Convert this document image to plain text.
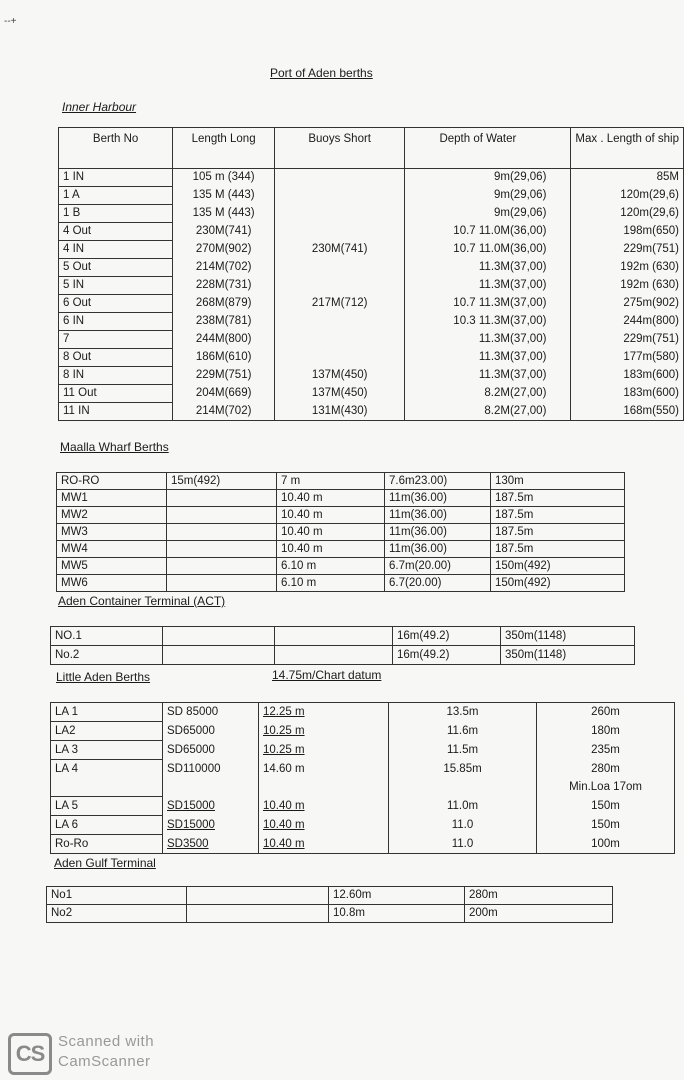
Port of Aden berths
Inner Harbour
Berth No	Length Long	Buoys Short	Depth of Water	Max . Length of ship
1 IN	105 m (344)		9m(29,06)	85M
1 A	135 M (443)		9m(29,06)	120m(29,6)
1 B	135 M (443)		9m(29,06)	120m(29,6)
4 Out	230M(741)		10.7 11.0M(36,00)	198m(650)
4 IN	270M(902)	230M(741)	10.7 11.0M(36,00)	229m(751)
5 Out	214M(702)		11.3M(37,00)	192m (630)
5 IN	228M(731)		11.3M(37,00)	192m (630)
6 Out	268M(879)	217M(712)	10.7 11.3M(37,00)	275m(902)
6 IN	238M(781)		10.3 11.3M(37,00)	244m(800)
7	244M(800)		11.3M(37,00)	229m(751)
8 Out	186M(610)		11.3M(37,00)	177m(580)
8 IN	229M(751)	137M(450)	11.3M(37,00)	183m(600)
11 Out	204M(669)	137M(450)	8.2M(27,00)	183m(600)
11 IN	214M(702)	131M(430)	8.2M(27,00)	168m(550)
Maalla Wharf Berths
RO-RO	15m(492)	7 m	7.6m23.00)	130m
MW1		10.40 m	11m(36.00)	187.5m
MW2		10.40 m	11m(36.00)	187.5m
MW3		10.40 m	11m(36.00)	187.5m
MW4		10.40 m	11m(36.00)	187.5m
MW5		6.10 m	6.7m(20.00)	150m(492)
MW6		6.10 m	6.7(20.00)	150m(492)
Aden Container Terminal (ACT)
NO.1			16m(49.2)	350m(1148)
No.2			16m(49.2)	350m(1148)
Little Aden Berths	14.75m/Chart datum
LA 1	SD 85000	12.25 m	13.5m	260m
LA2	SD65000	10.25 m	11.6m	180m
LA 3	SD65000	10.25 m	11.5m	235m
LA 4	SD110000	14.60 m	15.85m	280m
				Min.Loa 17om
LA 5	SD15000	10.40 m	11.0m	150m
LA 6	SD15000	10.40 m	11.0	150m
Ro-Ro	SD3500	10.40 m	11.0	100m
Aden Gulf Terminal
No1		12.60m	280m
No2		10.8m	200m
CS Scanned with
CamScanner
--+
